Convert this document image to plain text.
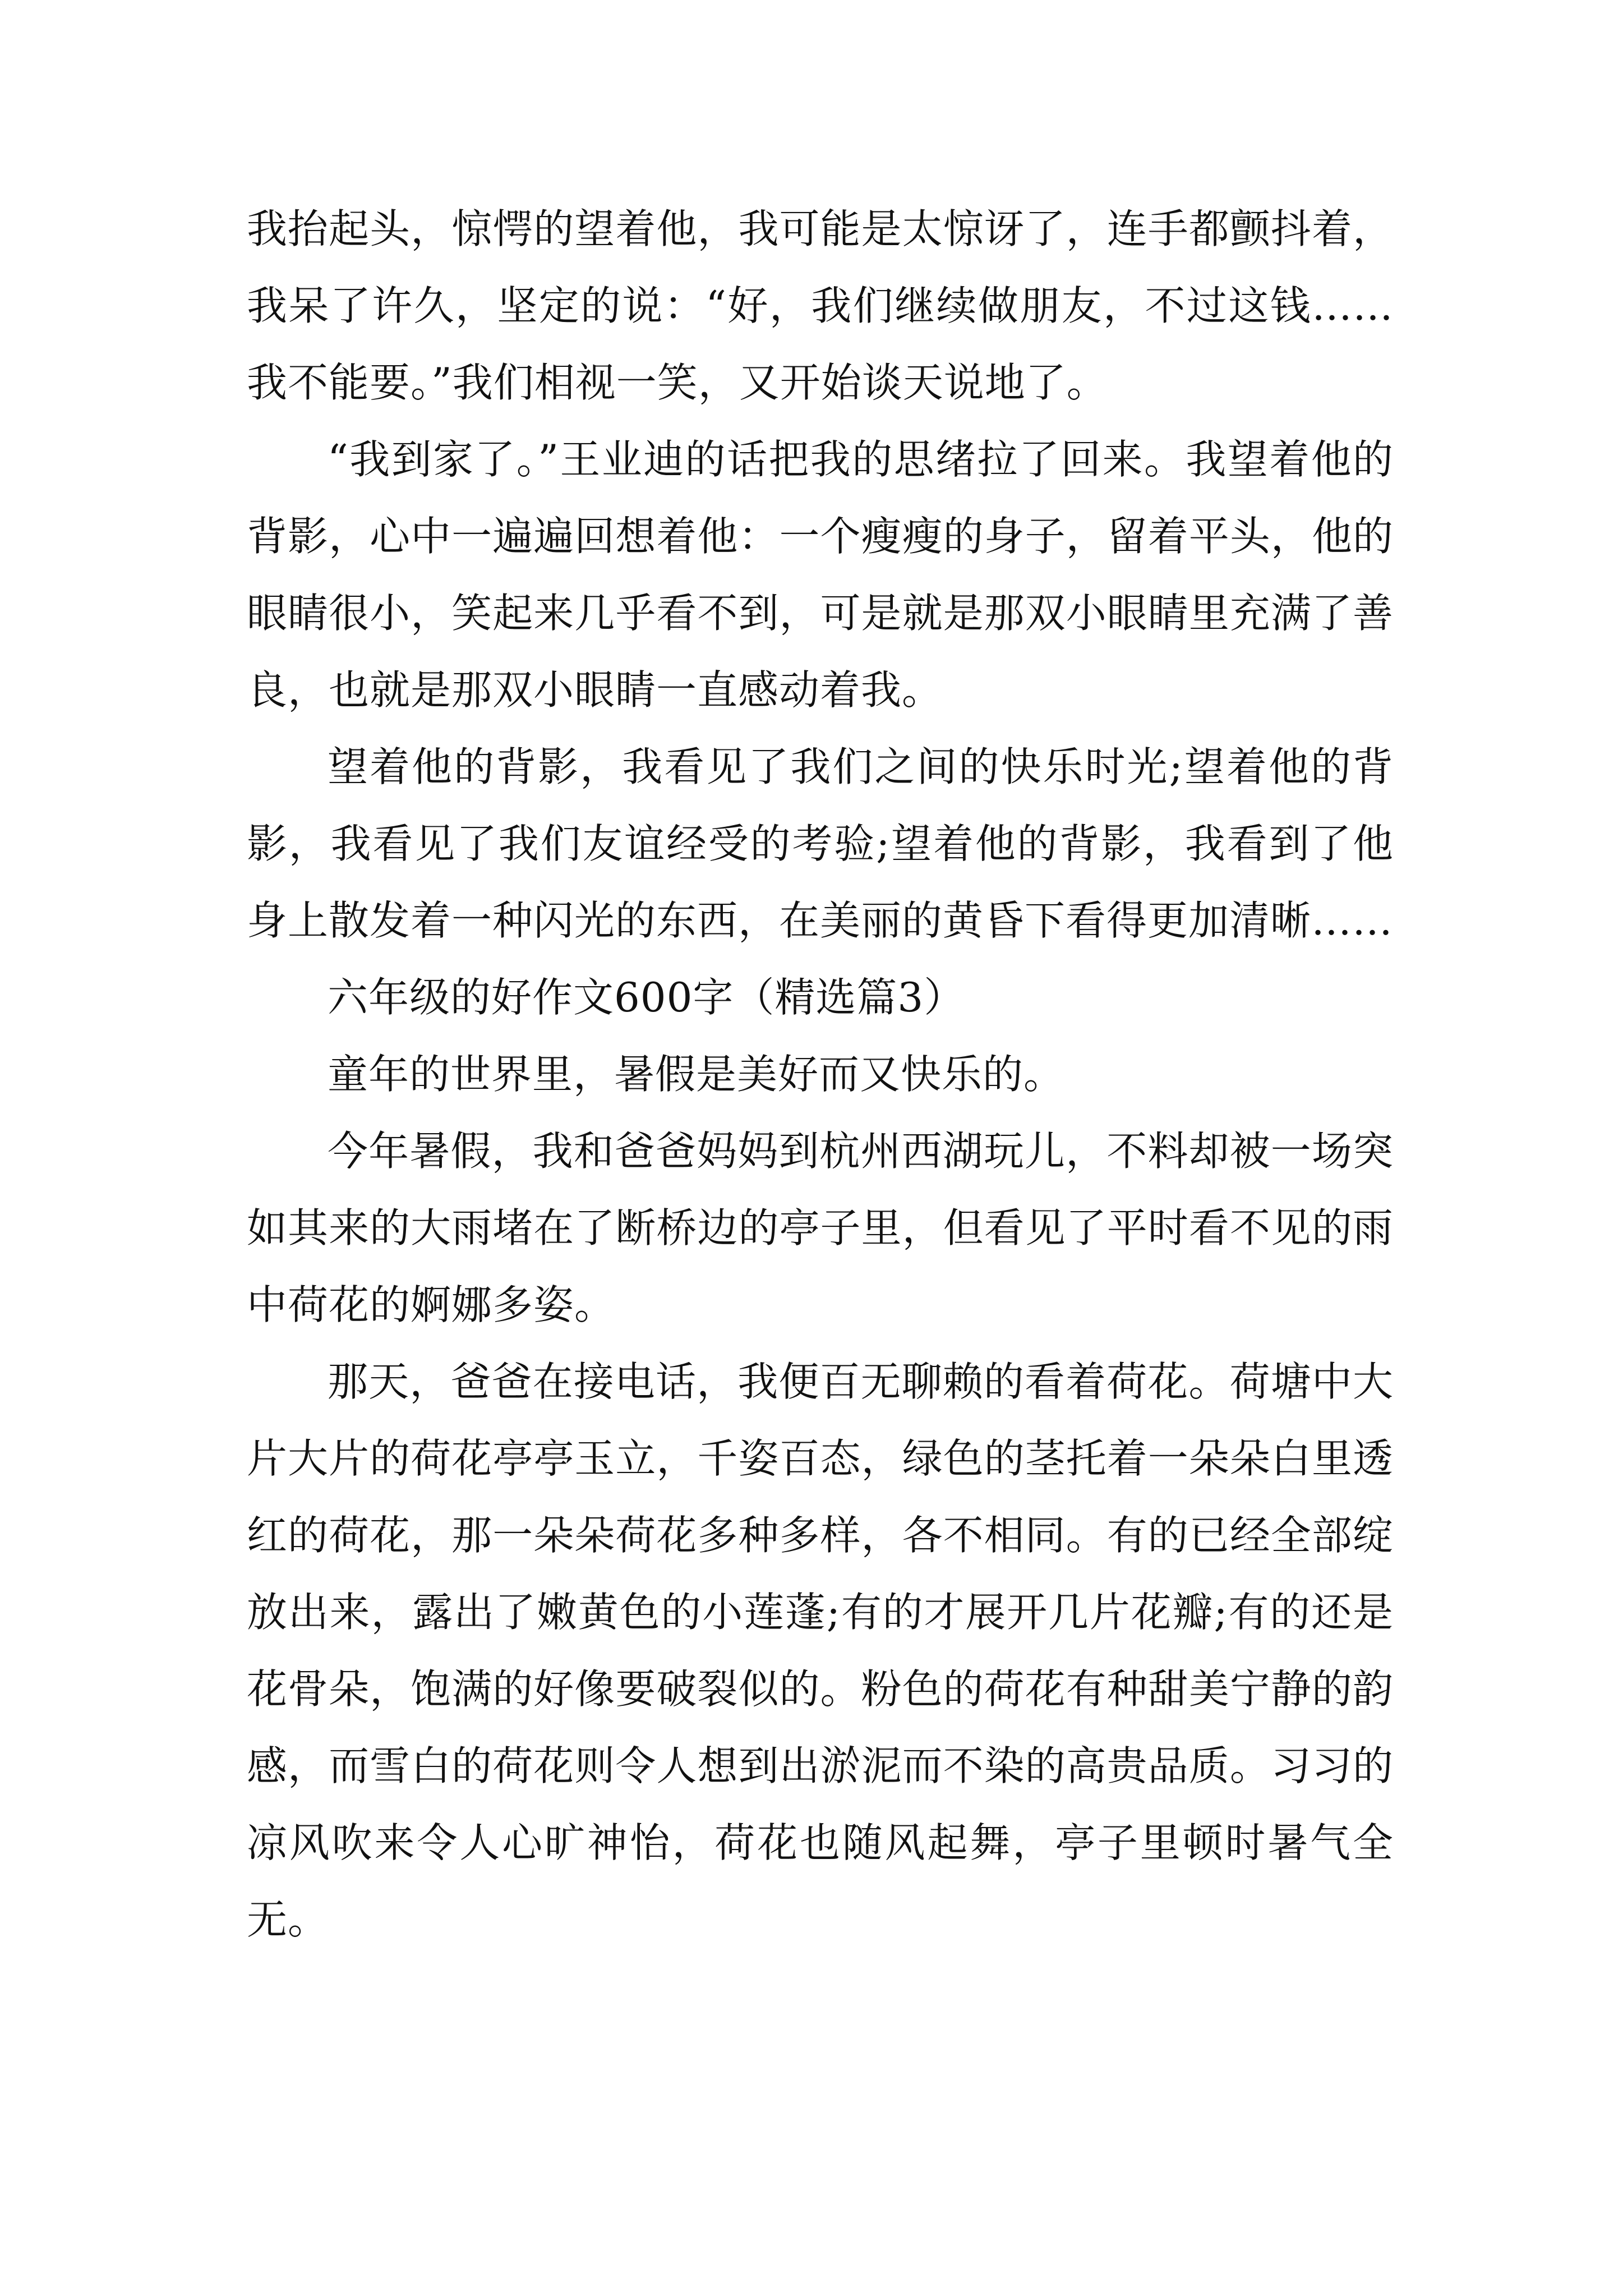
我抬起头，惊愕的望着他，我可能是太惊讶了，连手都颤抖着，我呆了许久，坚定的说：“好，我们继续做朋友，不过这钱……我不能要。”我们相视一笑，又开始谈天说地了。

“我到家了。”王业迪的话把我的思绪拉了回来。我望着他的背影，心中一遍遍回想着他：一个瘦瘦的身子，留着平头，他的眼睛很小，笑起来几乎看不到，可是就是那双小眼睛里充满了善良，也就是那双小眼睛一直感动着我。

望着他的背影，我看见了我们之间的快乐时光;望着他的背影，我看见了我们友谊经受的考验;望着他的背影，我看到了他身上散发着一种闪光的东西，在美丽的黄昏下看得更加清晰……

六年级的好作文600字（精选篇3）

童年的世界里，暑假是美好而又快乐的。

今年暑假，我和爸爸妈妈到杭州西湖玩儿，不料却被一场突如其来的大雨堵在了断桥边的亭子里，但看见了平时看不见的雨中荷花的婀娜多姿。

那天，爸爸在接电话，我便百无聊赖的看着荷花。荷塘中大片大片的荷花亭亭玉立，千姿百态，绿色的茎托着一朵朵白里透红的荷花，那一朵朵荷花多种多样，各不相同。有的已经全部绽放出来，露出了嫩黄色的小莲蓬;有的才展开几片花瓣;有的还是花骨朵，饱满的好像要破裂似的。粉色的荷花有种甜美宁静的韵感，而雪白的荷花则令人想到出淤泥而不染的高贵品质。习习的凉风吹来令人心旷神怡，荷花也随风起舞，亭子里顿时暑气全无。
